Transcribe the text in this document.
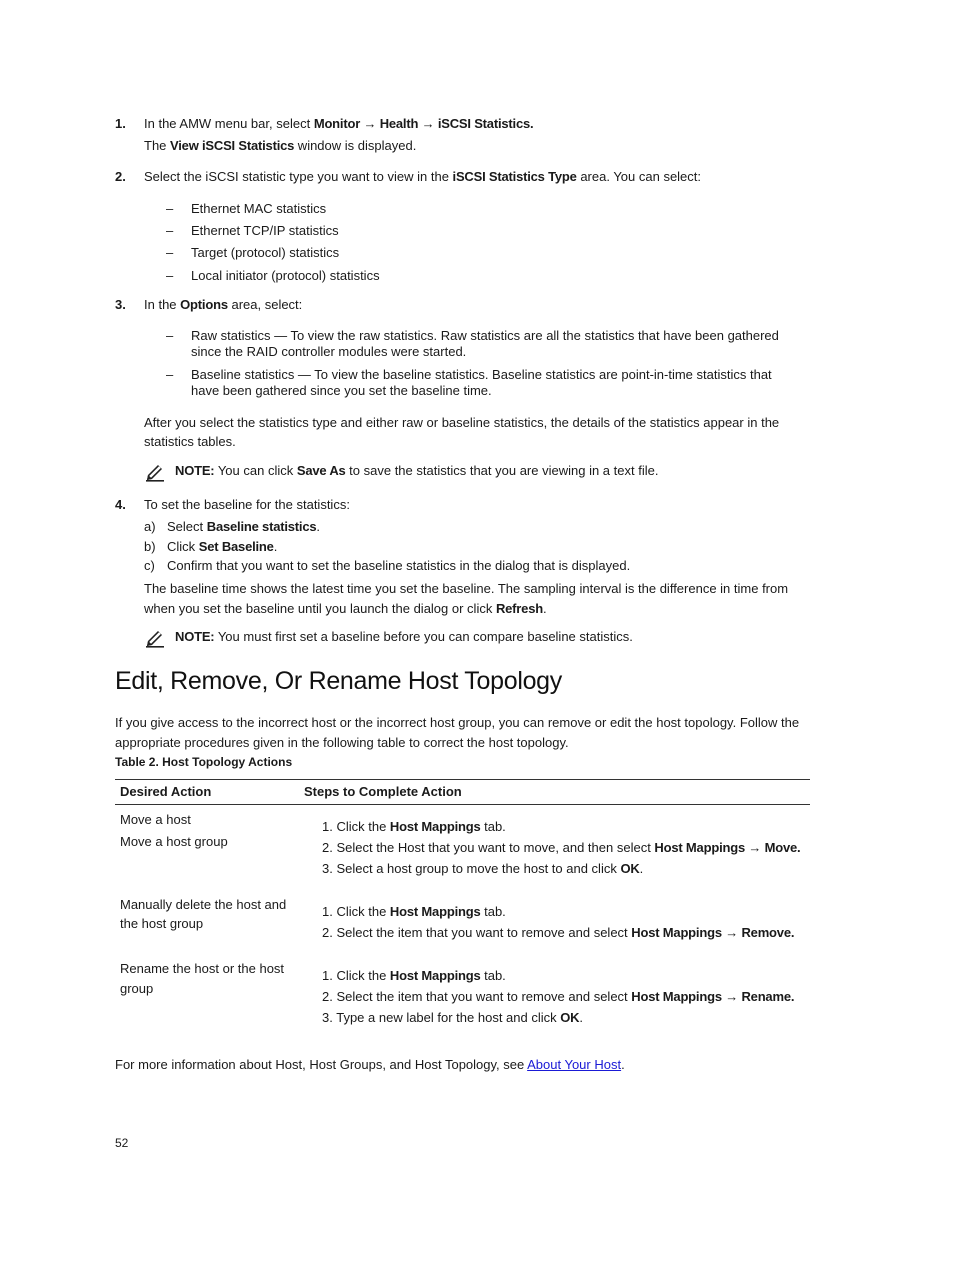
1. In the AMW menu bar, select Monitor → Health → iSCSI Statistics.
The View iSCSI Statistics window is displayed.
2. Select the iSCSI statistic type you want to view in the iSCSI Statistics Type area. You can select:
– Ethernet MAC statistics
– Ethernet TCP/IP statistics
– Target (protocol) statistics
– Local initiator (protocol) statistics
3. In the Options area, select:
– Raw statistics — To view the raw statistics. Raw statistics are all the statistics that have been gathered
since the RAID controller modules were started.
– Baseline statistics — To view the baseline statistics. Baseline statistics are point-in-time statistics that
have been gathered since you set the baseline time.
After you select the statistics type and either raw or baseline statistics, the details of the statistics appear in the
statistics tables.
NOTE: You can click Save As to save the statistics that you are viewing in a text file.
4. To set the baseline for the statistics:
a) Select Baseline statistics.
b) Click Set Baseline.
c) Confirm that you want to set the baseline statistics in the dialog that is displayed.
The baseline time shows the latest time you set the baseline. The sampling interval is the difference in time from
when you set the baseline until you launch the dialog or click Refresh.
NOTE: You must first set a baseline before you can compare baseline statistics.
Edit, Remove, Or Rename Host Topology
If you give access to the incorrect host or the incorrect host group, you can remove or edit the host topology. Follow the
appropriate procedures given in the following table to correct the host topology.
Table 2. Host Topology Actions
Desired Action	Steps to Complete Action
Move a host
Move a host group
1. Click the Host Mappings tab.
2. Select the Host that you want to move, and then select Host Mappings → Move.
3. Select a host group to move the host to and click OK.
Manually delete the host and
the host group
1. Click the Host Mappings tab.
2. Select the item that you want to remove and select Host Mappings → Remove.
Rename the host or the host
group
1. Click the Host Mappings tab.
2. Select the item that you want to remove and select Host Mappings → Rename.
3. Type a new label for the host and click OK.
For more information about Host, Host Groups, and Host Topology, see About Your Host.
52
